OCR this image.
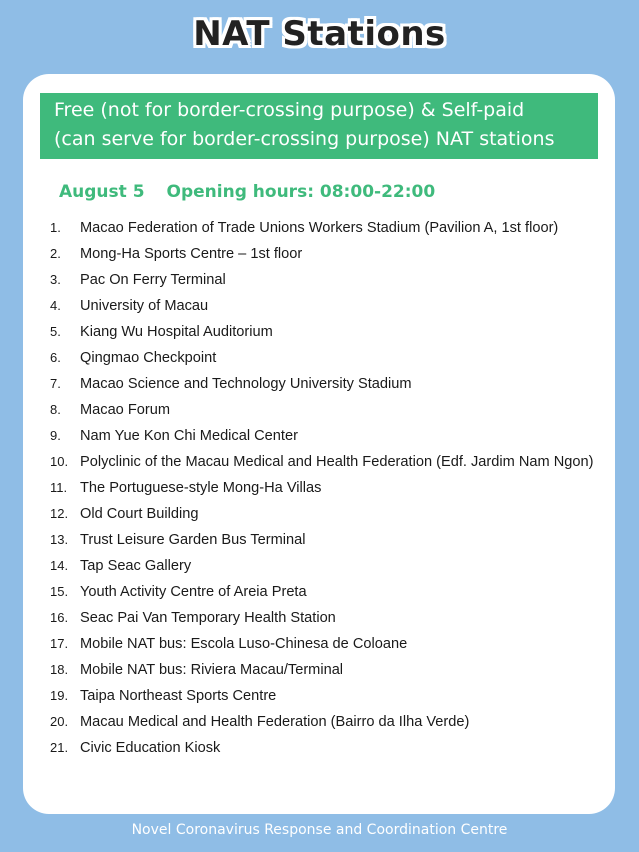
NAT Stations
Free (not for border-crossing purpose) & Self-paid
(can serve for border-crossing purpose) NAT stations
August 5 Opening hours: 08:00-22:00
1. Macao Federation of Trade Unions Workers Stadium (Pavilion A, 1st floor)
2. Mong-Ha Sports Centre – 1st floor
3. Pac On Ferry Terminal
4. University of Macau
5. Kiang Wu Hospital Auditorium
6. Qingmao Checkpoint
7. Macao Science and Technology University Stadium
8. Macao Forum
9. Nam Yue Kon Chi Medical Center
10. Polyclinic of the Macau Medical and Health Federation (Edf. Jardim Nam Ngon)
11. The Portuguese-style Mong-Ha Villas
12. Old Court Building
13. Trust Leisure Garden Bus Terminal
14. Tap Seac Gallery
15. Youth Activity Centre of Areia Preta
16. Seac Pai Van Temporary Health Station
17. Mobile NAT bus: Escola Luso-Chinesa de Coloane
18. Mobile NAT bus: Riviera Macau/Terminal
19. Taipa Northeast Sports Centre
20. Macau Medical and Health Federation (Bairro da Ilha Verde)
21. Civic Education Kiosk
Novel Coronavirus Response and Coordination Centre
